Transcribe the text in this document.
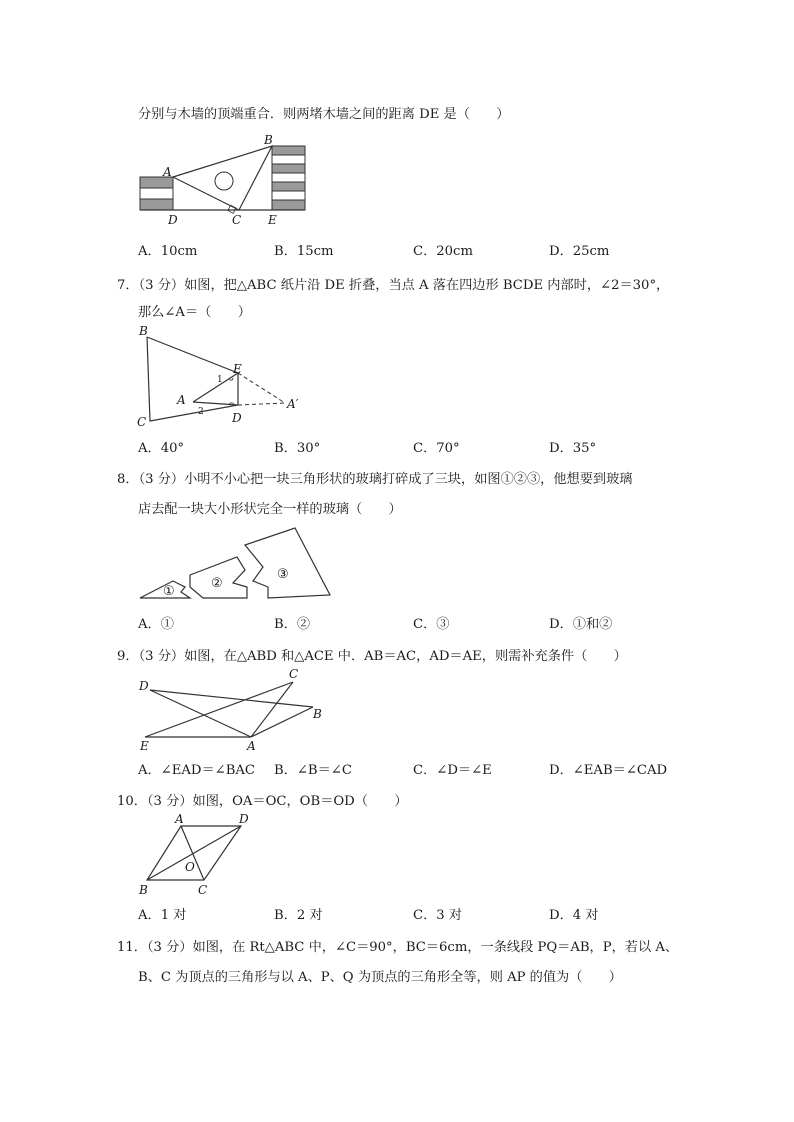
分别与木墙的顶端重合．则两堵木墙之间的距离 DE 是（　　）
A
B
C
D	E
A．10cm	B．15cm	C．20cm	D．25cm
7．（3 分）如图，把△ABC 纸片沿 DE 折叠，当点 A 落在四边形 BCDE 内部时，∠2＝30°，
那么∠A＝（　　）
B
C
E
A
D
A′
1
2
A．40°	B．30°	C．70°	D．35°
8．（3 分）小明不小心把一块三角形状的玻璃打碎成了三块，如图①②③，他想要到玻璃
店去配一块大小形状完全一样的玻璃（　　）
①
②
③
A．①	B．②	C．③	D．①和②
9．（3 分）如图，在△ABD 和△ACE 中．AB＝AC，AD＝AE，则需补充条件（　　）
D
C
B
E	A
A．∠EAD＝∠BAC B．∠B＝∠C	C．∠D＝∠E	D．∠EAB＝∠CAD
10．（3 分）如图，OA＝OC，OB＝OD（　　）
A	D
O
B	C
A．1 对	B．2 对	C．3 对	D．4 对
11．（3 分）如图，在 Rt△ABC 中，∠C＝90°，BC＝6cm，一条线段 PQ＝AB，P，若以 A、
B、C 为顶点的三角形与以 A、P、Q 为顶点的三角形全等，则 AP 的值为（　　）
